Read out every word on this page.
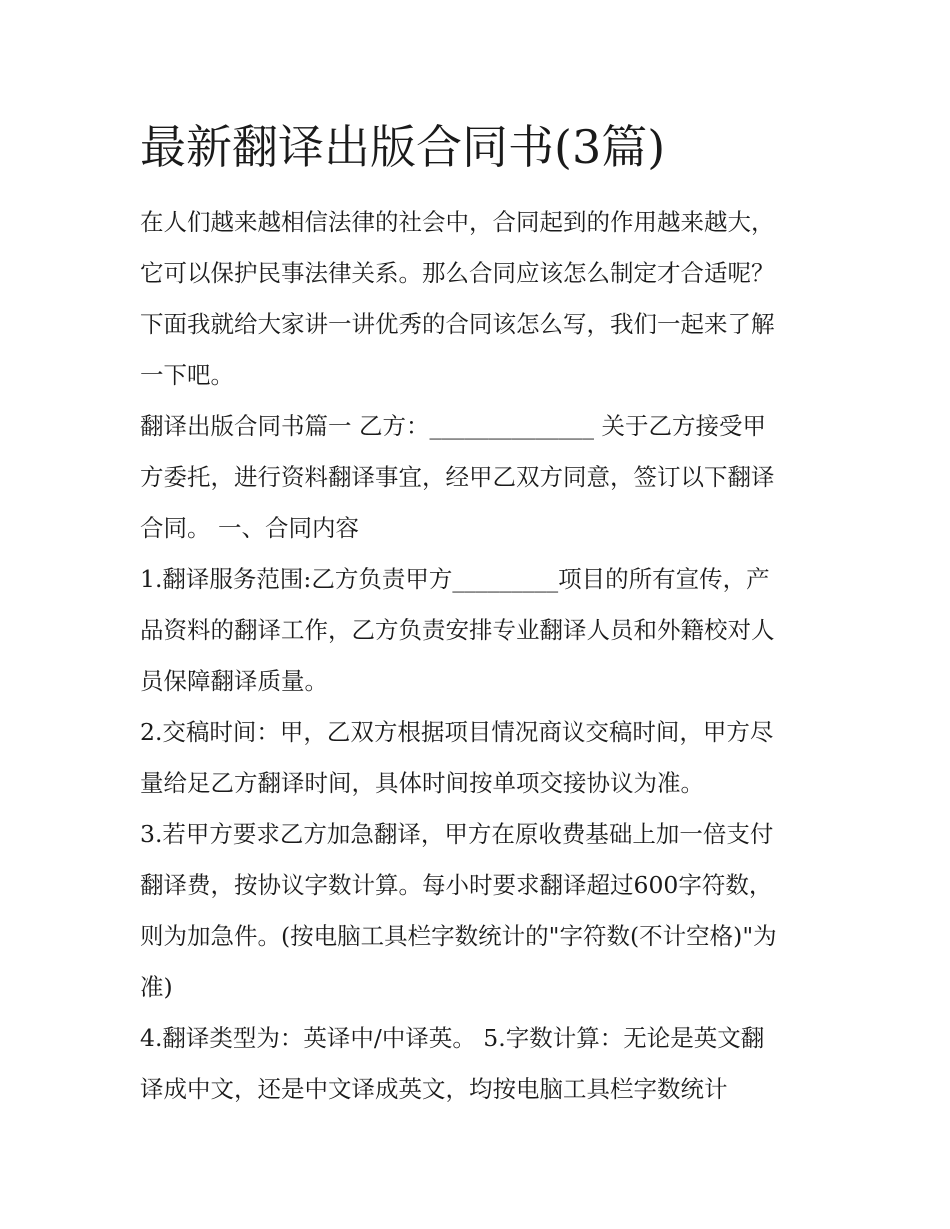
最新翻译出版合同书(3篇)

在人们越来越相信法律的社会中，合同起到的作用越来越大，
它可以保护民事法律关系。那么合同应该怎么制定才合适呢？
下面我就给大家讲一讲优秀的合同该怎么写，我们一起来了解
一下吧。

翻译出版合同书篇一 乙方：______________ 关于乙方接受甲
方委托，进行资料翻译事宜，经甲乙双方同意，签订以下翻译
合同。 一、合同内容

1.翻译服务范围:乙方负责甲方_________项目的所有宣传，产
品资料的翻译工作，乙方负责安排专业翻译人员和外籍校对人
员保障翻译质量。

2.交稿时间：甲，乙双方根据项目情况商议交稿时间，甲方尽
量给足乙方翻译时间，具体时间按单项交接协议为准。

3.若甲方要求乙方加急翻译，甲方在原收费基础上加一倍支付
翻译费，按协议字数计算。每小时要求翻译超过600字符数，
则为加急件。(按电脑工具栏字数统计的"字符数(不计空格)"为
准)

4.翻译类型为：英译中/中译英。 5.字数计算：无论是英文翻
译成中文，还是中文译成英文，均按电脑工具栏字数统计
